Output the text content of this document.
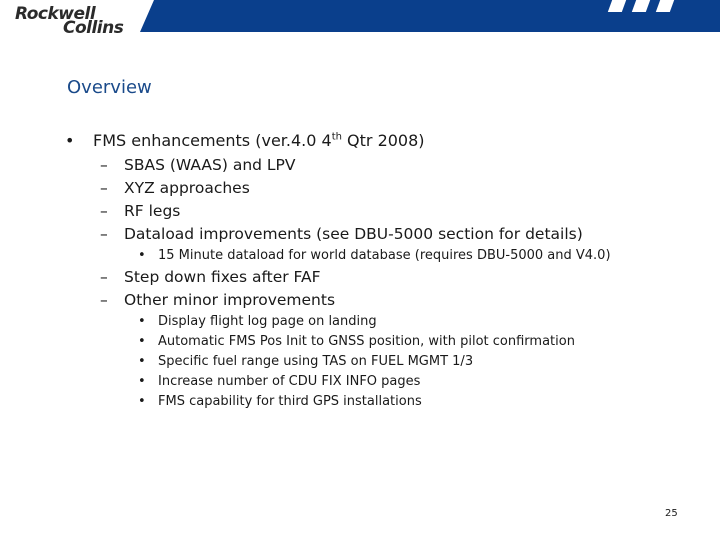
Rockwell
Collins
Overview
• FMS enhancements (ver.4.0 4th Qtr 2008)
– SBAS (WAAS) and LPV
– XYZ approaches
– RF legs
– Dataload improvements (see DBU-5000 section for details)
• 15 Minute dataload for world database (requires DBU-5000 and V4.0)
– Step down fixes after FAF
– Other minor improvements
• Display flight log page on landing
• Automatic FMS Pos Init to GNSS position, with pilot confirmation
• Specific fuel range using TAS on FUEL MGMT 1/3
• Increase number of CDU FIX INFO pages
• FMS capability for third GPS installations
25
